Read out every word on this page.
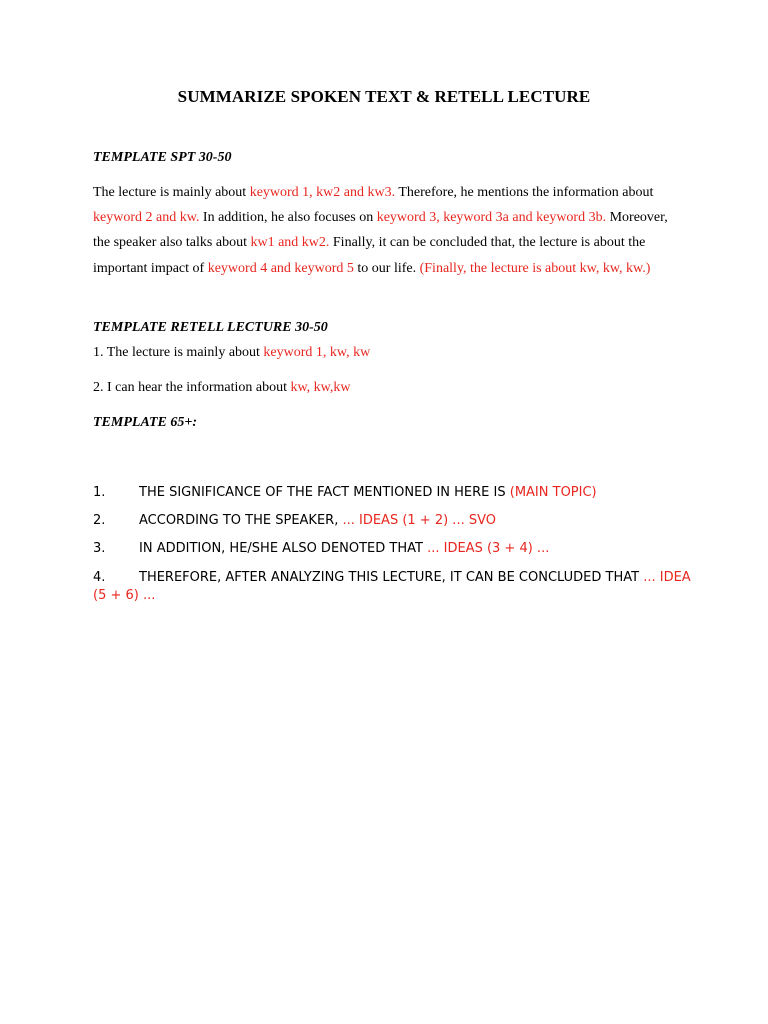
SUMMARIZE SPOKEN TEXT & RETELL LECTURE
TEMPLATE SPT 30-50
The lecture is mainly about keyword 1, kw2 and kw3. Therefore, he mentions the information about keyword 2 and kw. In addition, he also focuses on keyword 3, keyword 3a and keyword 3b. Moreover, the speaker also talks about kw1 and kw2. Finally, it can be concluded that, the lecture is about the important impact of keyword 4 and keyword 5 to our life. (Finally, the lecture is about kw, kw, kw.)
TEMPLATE RETELL LECTURE 30-50
1. The lecture is mainly about keyword 1, kw, kw
2. I can hear the information about kw, kw,kw
TEMPLATE 65+:
1.	THE SIGNIFICANCE OF THE FACT MENTIONED IN HERE IS (MAIN TOPIC)
2.	ACCORDING TO THE SPEAKER, ... IDEAS (1 + 2) ... SVO
3.	IN ADDITION, HE/SHE ALSO DENOTED THAT ... IDEAS (3 + 4) ...
4.	THEREFORE, AFTER ANALYZING THIS LECTURE, IT CAN BE CONCLUDED THAT ... IDEA (5 + 6) ...
